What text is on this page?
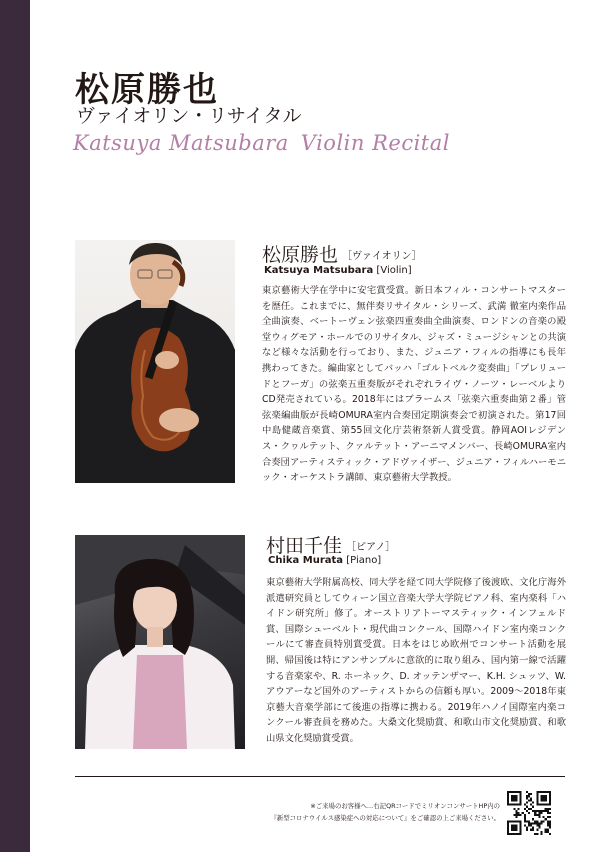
松原勝也
ヴァイオリン・リサイタル
Katsuya Matsubara Violin Recital
松原勝也 ［ヴァイオリン］
Katsuya Matsubara [Violin]

東京藝術大学在学中に安宅賞受賞。新日本フィル・コンサートマスターを歴任。これまでに、無伴奏リサイタル・シリーズ、武満 徹室内楽作品全曲演奏、ベートーヴェン弦楽四重奏曲全曲演奏、ロンドンの音楽の殿堂ウィグモア・ホールでのリサイタル、ジャズ・ミュージシャンとの共演など様々な活動を行っており、また、ジュニア・フィルの指導にも長年携わってきた。編曲家としてバッハ「ゴルトベルク変奏曲」「プレリュードとフーガ」の弦楽五重奏版がそれぞれライヴ・ノーツ・レーベルよりCD発売されている。2018年にはブラームス「弦楽六重奏曲第２番」管弦楽編曲版が長崎OMURA室内合奏団定期演奏会で初演された。第17回中島健蔵音楽賞、第55回文化庁芸術祭新人賞受賞。静岡AOIレジデンス・クヮルテット、クァルテット・アーニマメンバー、長崎OMURA室内合奏団アーティスティック・アドヴァイザー、ジュニア・フィルハーモニック・オーケストラ講師、東京藝術大学教授。

村田千佳 ［ピアノ］
Chika Murata [Piano]

東京藝術大学附属高校、同大学を経て同大学院修了後渡欧、文化庁海外派遣研究員としてウィーン国立音楽大学大学院ピアノ科、室内楽科「ハイドン研究所」修了。オーストリアトーマスティック・インフェルド賞、国際シューベルト・現代曲コンクール、国際ハイドン室内楽コンクールにて審査員特別賞受賞。日本をはじめ欧州でコンサート活動を展開、帰国後は特にアンサンブルに意欲的に取り組み、国内第一線で活躍する音楽家や、R. ホーネック、D. オッテンザマー、K.H. シュッツ、W. アウアーなど国外のアーティストからの信頼も厚い。2009～2018年東京藝大音楽学部にて後進の指導に携わる。2019年ハノイ国際室内楽コンクール審査員を務めた。大桑文化奨励賞、和歌山市文化奨励賞、和歌山県文化奨励賞受賞。

※ご来場のお客様へ…右記QRコードでミリオンコンサートHP内の
『新型コロナウイルス感染症への対応について』をご確認の上ご来場ください。
